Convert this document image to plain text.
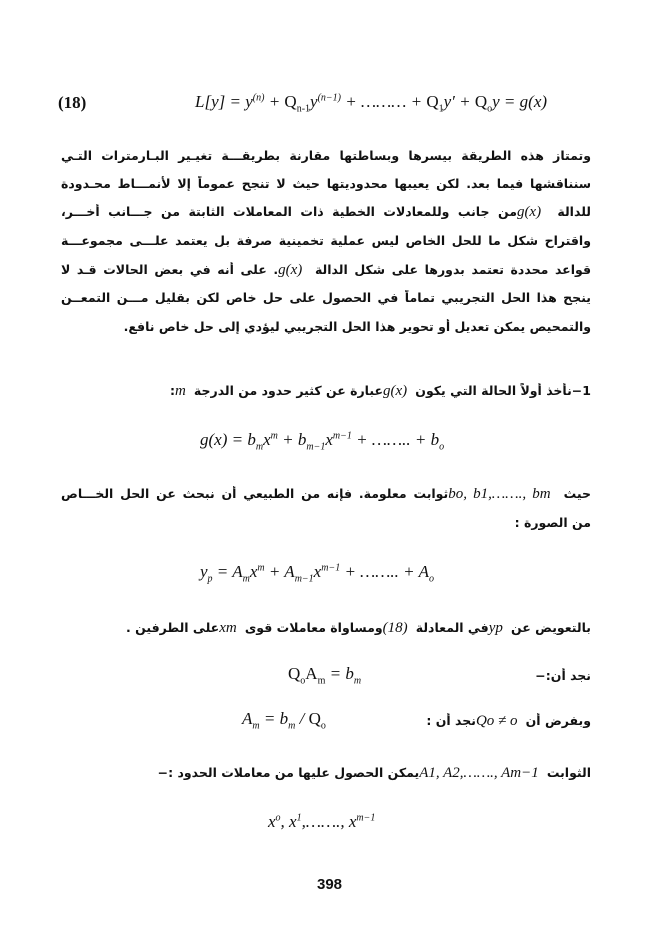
(18)	$L[y] = y^{(n)} + Q_{n-1}y^{(n-1)}$ + ……… + $Q_1y' + Q_oy = g(x)$
وتمتاز هذه الطريقة بيسرها وبساطتها مقارنة بطريقـــة تغيـير البـارمترات التـي
سنناقشها فيما بعد. لكن يعيبها محدوديتها حيث لا تنجح عموماً إلا لأنمـــاط محـدودة
للدالة g(x) من جانب وللمعادلات الخطية ذات المعاملات الثابتة من جـــانب أخـــر،
واقتراح شكل ما للحل الخاص ليس عملية تخمينية صرفة بل يعتمد علـــى مجموعـــة
قواعد محددة تعتمد بدورها على شكل الدالة g(x) . على أنه في بعض الحالات قـد لا
ينجح هذا الحل التجريبي تماماً في الحصول على حل خاص لكن بقليل مـــن التمعــن
والتمحيص يمكن تعديل أو تحوير هذا الحل التجريبي ليؤدي إلى حل خاص نافع.
1−نأخذ أولاً الحالة التي يكون g(x) عبارة عن كثير حدود من الدرجة m :
$g(x) = b_mx^m + b_{m-1}x^{m-1}$ + …….. + $b_o$
حيث bo, b1,……., bm ثوابت معلومة. فإنه من الطبيعي أن نبحث عن الحل الخـــاص
من الصورة :
$y_p = A_mx^m + A_{m-1}x^{m-1}$ + …….. + $A_o$
بالتعويض عن yp في المعادلة (18) ومساواة معاملات قوى xm على الطرفين .
نجد أن:−
$Q_oA_m = b_m$
وبفرض أن Qo ≠ o نجد أن :
$A_m = b_m / Q_o$
الثوابت A1, A2,……., Am−1 يمكن الحصول عليها من معاملات الحدود :−
$x^o$, $x^1,\dots\dots$., $x^{m-1}$
398
